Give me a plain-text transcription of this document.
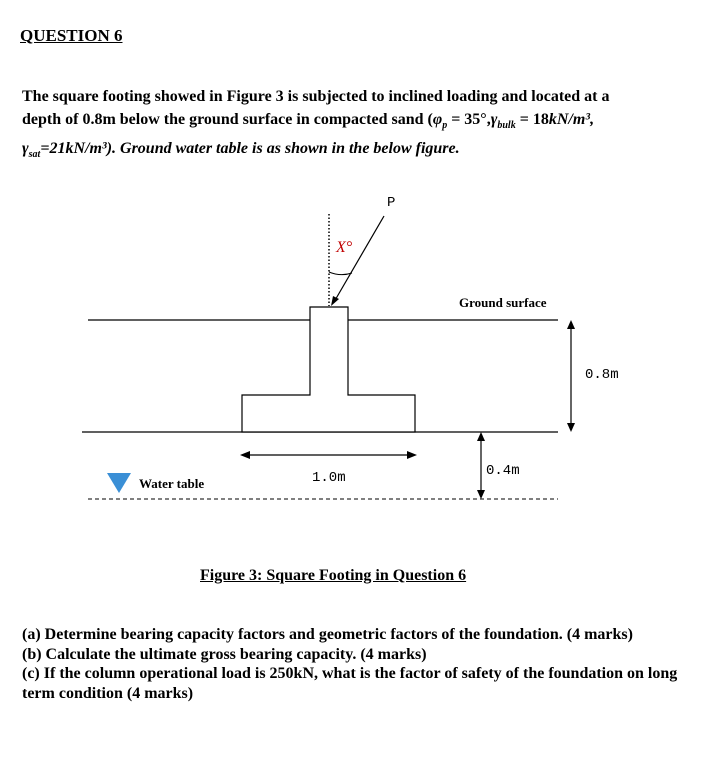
QUESTION 6
The square footing showed in Figure 3 is subjected to inclined loading and located at a
depth of 0.8m below the ground surface in compacted sand ($\varphi_p = 35^\circ,\gamma_{bulk} = 18kN/m^3$,
$\gamma_{sat}=21kN/m^3$). Ground water table is as shown in the below figure.
P
X°
Ground surface
0.8m
1.0m	0.4m
Water table
Figure 3: Square Footing in Question 6

(a) Determine bearing capacity factors and geometric factors of the foundation. (4 marks)

(b) Calculate the ultimate gross bearing capacity. (4 marks)

(c) If the column operational load is 250kN, what is the factor of safety of the foundation on long term condition (4 marks)
